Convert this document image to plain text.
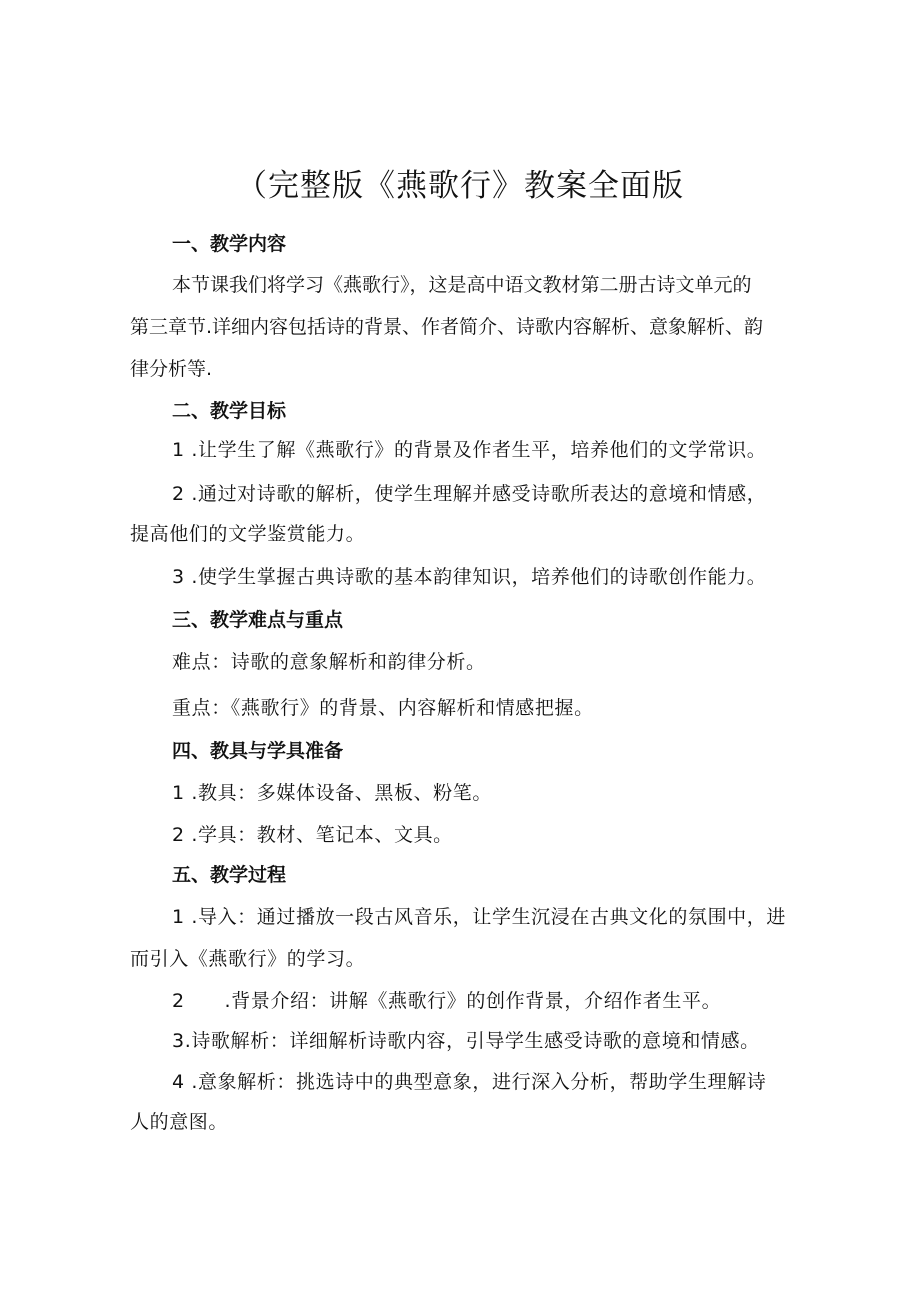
（完整版《燕歌行》教案全面版
一、教学内容
本节课我们将学习《燕歌行》，这是高中语文教材第二册古诗文单元的
第三章节.详细内容包括诗的背景、作者简介、诗歌内容解析、意象解析、韵
律分析等.
二、教学目标
1 .让学生了解《燕歌行》的背景及作者生平，培养他们的文学常识。
2 .通过对诗歌的解析，使学生理解并感受诗歌所表达的意境和情感，
提高他们的文学鉴赏能力。
3 .使学生掌握古典诗歌的基本韵律知识，培养他们的诗歌创作能力。
三、教学难点与重点
难点：诗歌的意象解析和韵律分析。
重点：《燕歌行》的背景、内容解析和情感把握。
四、教具与学具准备
1 .教具：多媒体设备、黑板、粉笔。
2 .学具：教材、笔记本、文具。
五、教学过程
1 .导入：通过播放一段古风音乐，让学生沉浸在古典文化的氛围中，进
而引入《燕歌行》的学习。
2      .背景介绍：讲解《燕歌行》的创作背景，介绍作者生平。
3.诗歌解析：详细解析诗歌内容，引导学生感受诗歌的意境和情感。
4 .意象解析：挑选诗中的典型意象，进行深入分析，帮助学生理解诗
人的意图。
